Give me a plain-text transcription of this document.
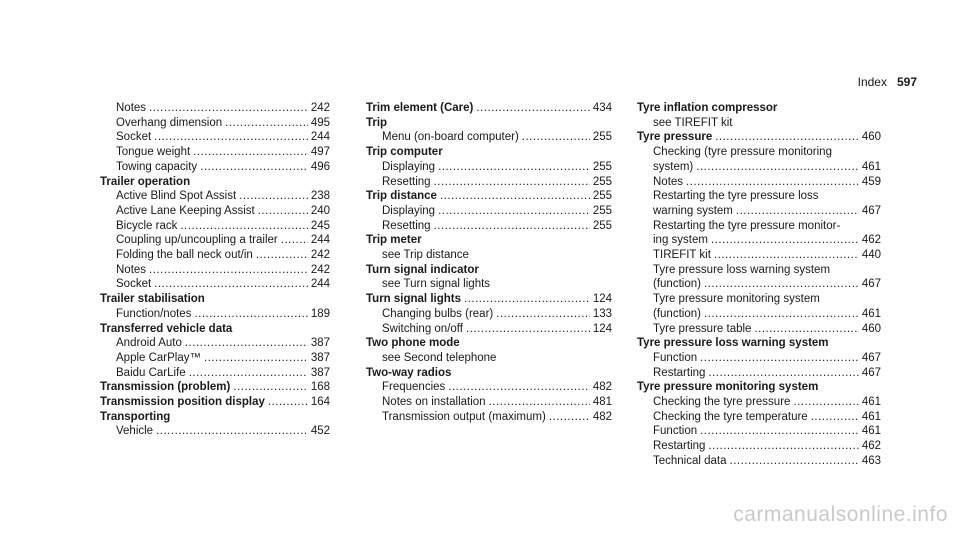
Index 597
Notes .....	242
Overhang dimension .....	495
Socket .....	244
Tongue weight .....	497
Towing capacity .....	496
Trailer operation
Active Blind Spot Assist .....	238
Active Lane Keeping Assist .....	240
Bicycle rack .....	245
Coupling up/uncoupling a trailer .....	244
Folding the ball neck out/in .....	242
Notes .....	242
Socket .....	244
Trailer stabilisation
Function/notes .....	189
Transferred vehicle data
Android Auto .....	387
Apple CarPlay™ .....	387
Baidu CarLife .....	387
Transmission (problem) .....	168
Transmission position display .....	164
Transporting
Vehicle .....	452
Trim element (Care) .....	434
Trip
Menu (on-board computer) .....	255
Trip computer
Displaying .....	255
Resetting .....	255
Trip distance .....	255
Displaying .....	255
Resetting .....	255
Trip meter
see Trip distance
Turn signal indicator
see Turn signal lights
Turn signal lights .....	124
Changing bulbs (rear) .....	133
Switching on/off .....	124
Two phone mode
see Second telephone
Two-way radios
Frequencies .....	482
Notes on installation .....	481
Transmission output (maximum) .....	482
Tyre inflation compressor
see TIREFIT kit
Tyre pressure .....	460
Checking (tyre pressure monitoring
system) .....	461
Notes .....	459
Restarting the tyre pressure loss
warning system .....	467
Restarting the tyre pressure monitor-
ing system .....	462
TIREFIT kit .....	440
Tyre pressure loss warning system
(function) .....	467
Tyre pressure monitoring system
(function) .....	461
Tyre pressure table .....	460
Tyre pressure loss warning system
Function .....	467
Restarting .....	467
Tyre pressure monitoring system
Checking the tyre pressure .....	461
Checking the tyre temperature .....	461
Function .....	461
Restarting .....	462
Technical data .....	463
carmanualsonline.info
